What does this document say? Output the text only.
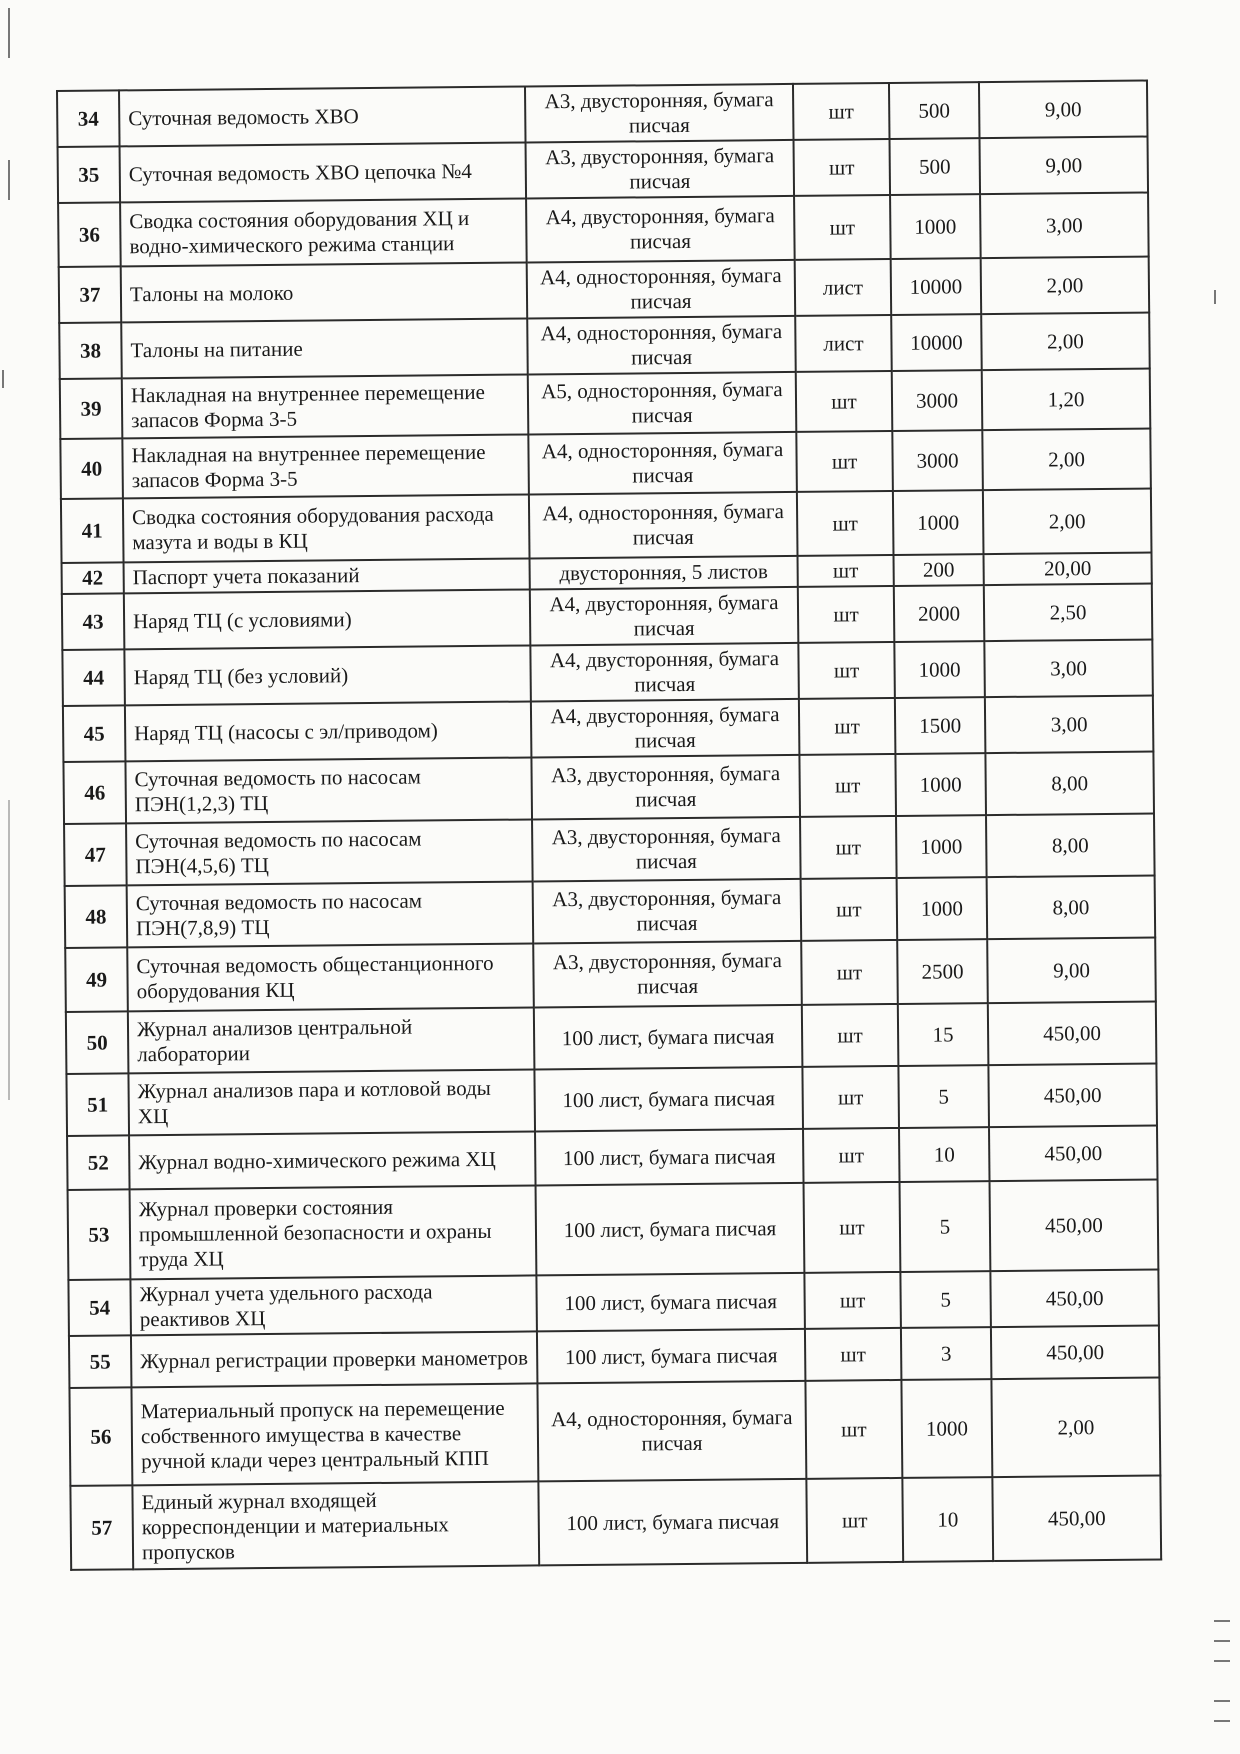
34	Суточная ведомость ХВО	А3, двусторонняя, бумага писчая	шт	500	9,00
35	Суточная ведомость ХВО цепочка №4	А3, двусторонняя, бумага писчая	шт	500	9,00
36	Сводка состояния оборудования ХЦ и водно-химического режима станции	А4, двусторонняя, бумага писчая	шт	1000	3,00
37	Талоны на молоко	А4, односторонняя, бумага писчая	лист	10000	2,00
38	Талоны на питание	А4, односторонняя, бумага писчая	лист	10000	2,00
39	Накладная на внутреннее перемещение запасов Форма 3-5	А5, односторонняя, бумага писчая	шт	3000	1,20
40	Накладная на внутреннее перемещение запасов Форма 3-5	А4, односторонняя, бумага писчая	шт	3000	2,00
41	Сводка состояния оборудования расхода мазута и воды в КЦ	А4, односторонняя, бумага писчая	шт	1000	2,00
42	Паспорт учета показаний	двусторонняя, 5 листов	шт	200	20,00
43	Наряд ТЦ (с условиями)	А4, двусторонняя, бумага писчая	шт	2000	2,50
44	Наряд ТЦ (без условий)	А4, двусторонняя, бумага писчая	шт	1000	3,00
45	Наряд ТЦ (насосы с эл/приводом)	А4, двусторонняя, бумага писчая	шт	1500	3,00
46	Суточная ведомость по насосам ПЭН(1,2,3) ТЦ	А3, двусторонняя, бумага писчая	шт	1000	8,00
47	Суточная ведомость по насосам ПЭН(4,5,6) ТЦ	А3, двусторонняя, бумага писчая	шт	1000	8,00
48	Суточная ведомость по насосам ПЭН(7,8,9) ТЦ	А3, двусторонняя, бумага писчая	шт	1000	8,00
49	Суточная ведомость общестанционного оборудования КЦ	А3, двусторонняя, бумага писчая	шт	2500	9,00
50	Журнал анализов центральной лаборатории	100 лист, бумага писчая	шт	15	450,00
51	Журнал анализов пара и котловой воды ХЦ	100 лист, бумага писчая	шт	5	450,00
52	Журнал водно-химического режима ХЦ	100 лист, бумага писчая	шт	10	450,00
53	Журнал проверки состояния промышленной безопасности и охраны труда ХЦ	100 лист, бумага писчая	шт	5	450,00
54	Журнал учета удельного расхода реактивов ХЦ	100 лист, бумага писчая	шт	5	450,00
55	Журнал регистрации проверки манометров	100 лист, бумага писчая	шт	3	450,00
56	Материальный пропуск на перемещение собственного имущества в качестве ручной клади через центральный КПП	А4, односторонняя, бумага писчая	шт	1000	2,00
57	Единый журнал входящей корреспонденции и материальных пропусков	100 лист, бумага писчая	шт	10	450,00
